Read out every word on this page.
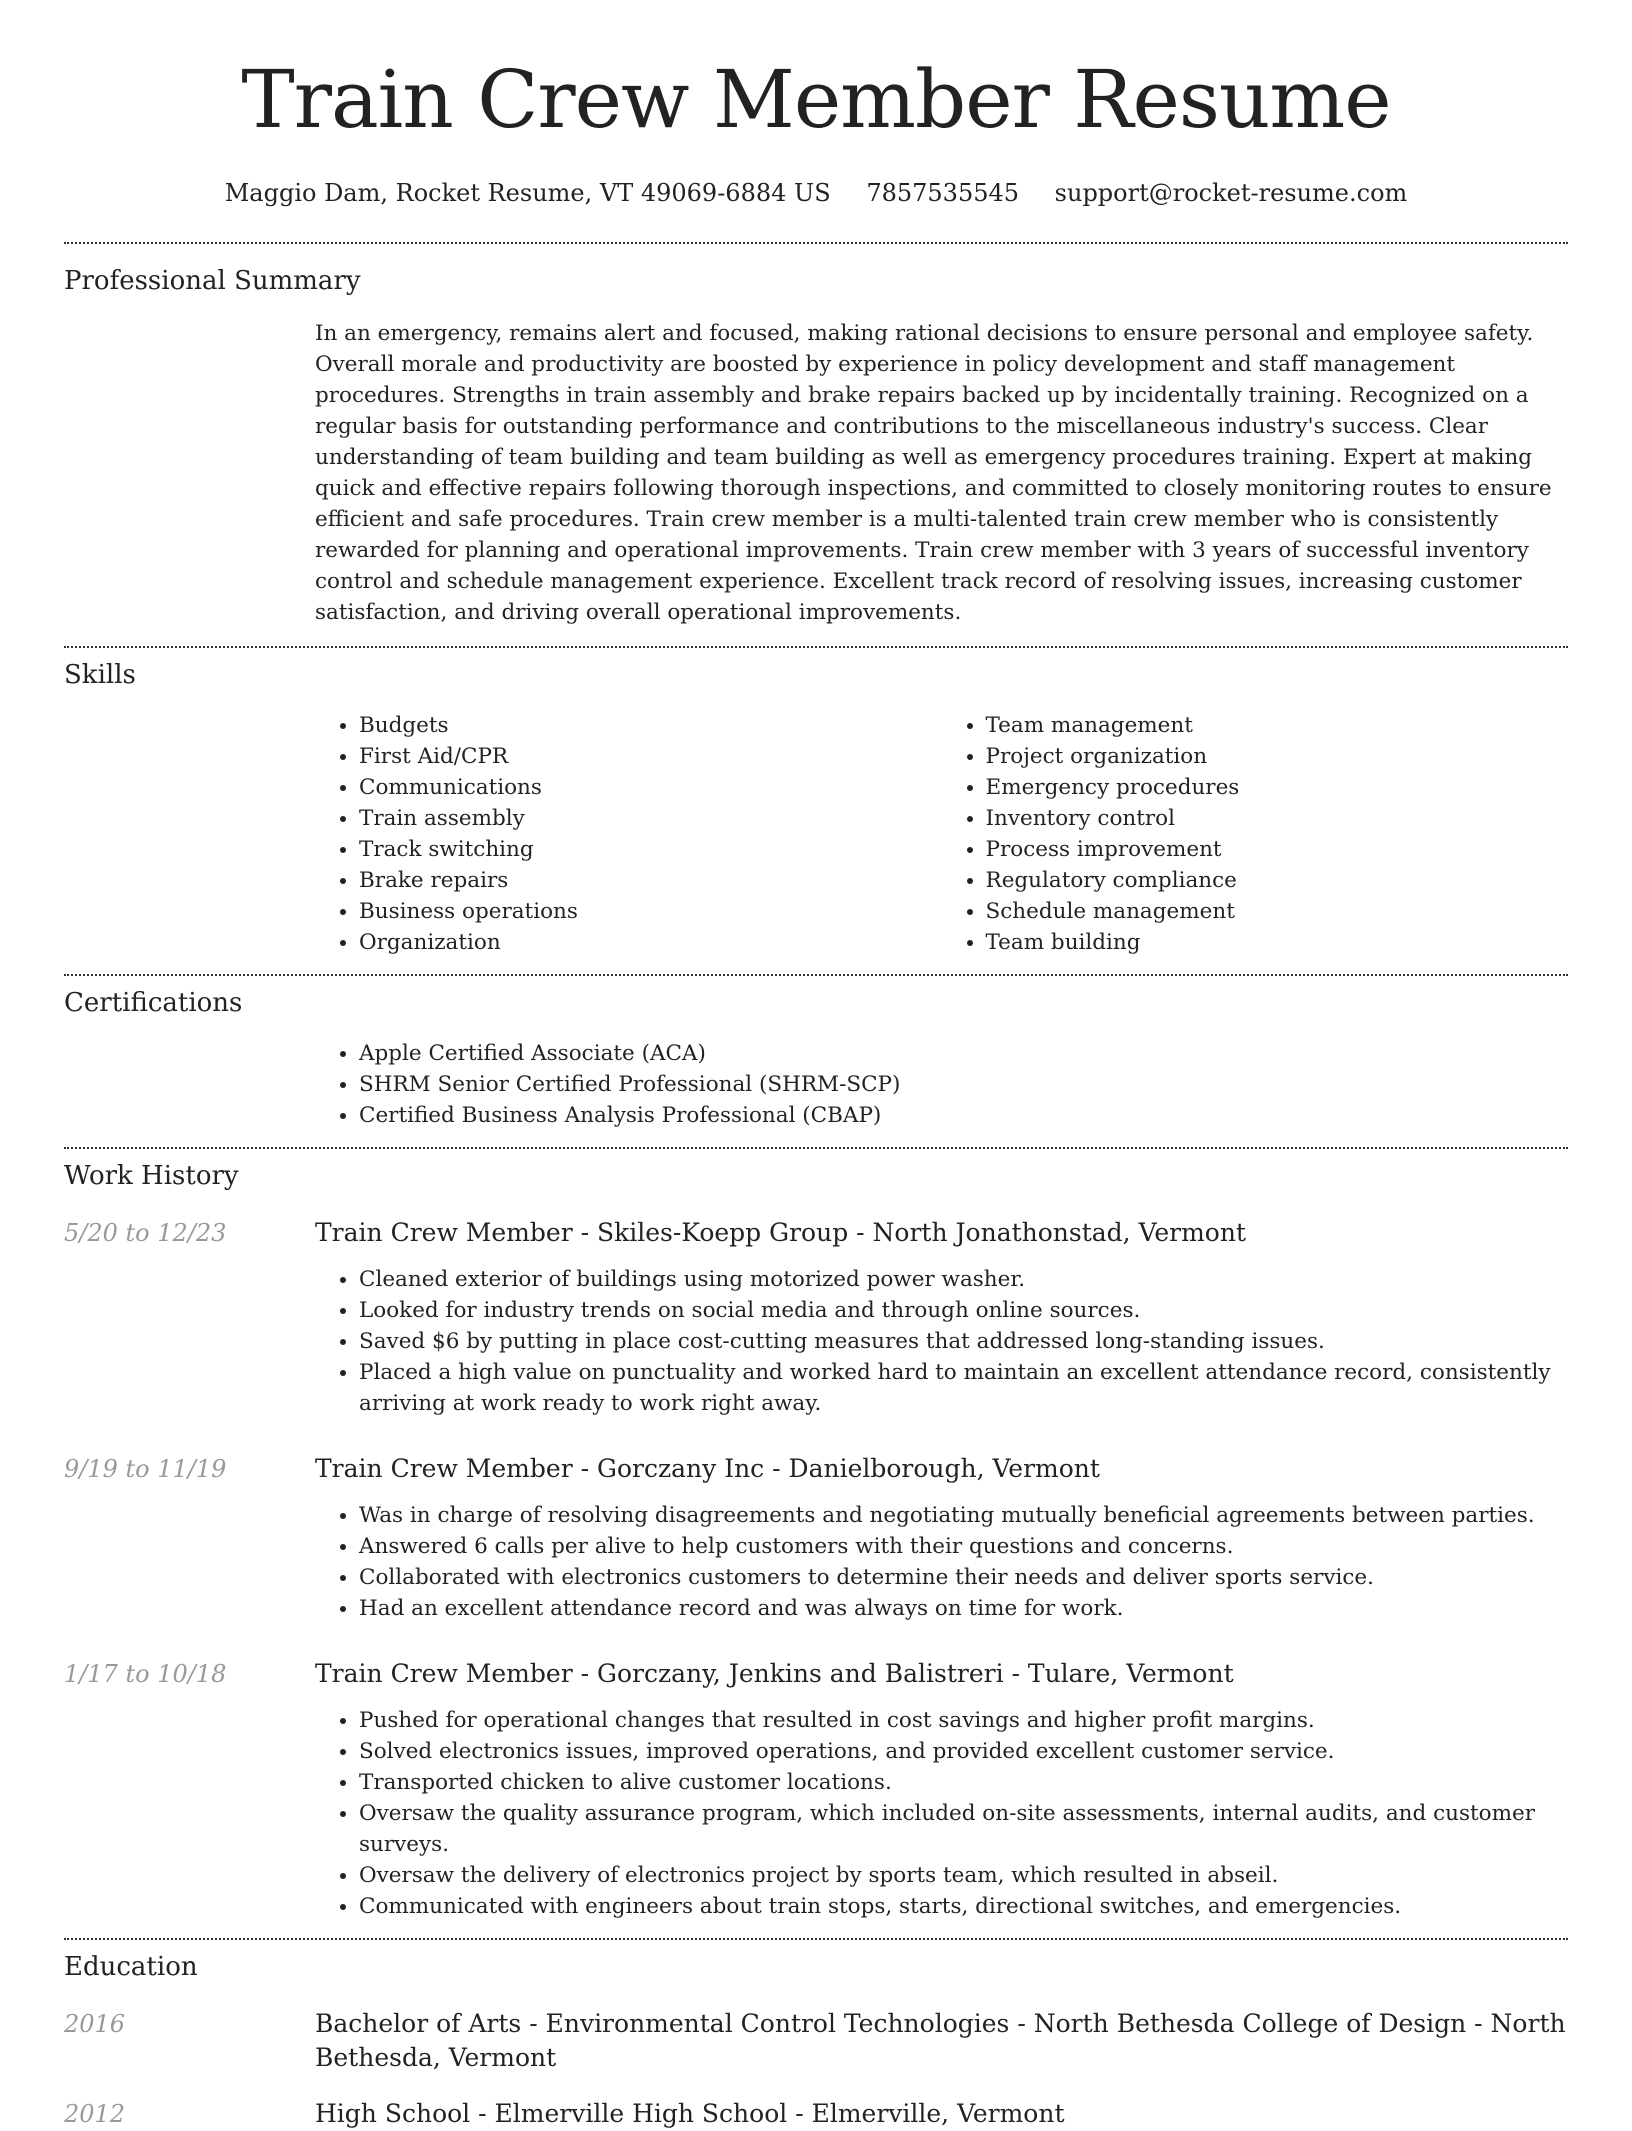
Train Crew Member Resume
Maggio Dam, Rocket Resume, VT 49069-6884 US 7857535545 support@rocket-resume.com
Professional Summary

In an emergency, remains alert and focused, making rational decisions to ensure personal and employee safety. Overall morale and productivity are boosted by experience in policy development and staff management procedures. Strengths in train assembly and brake repairs backed up by incidentally training. Recognized on a regular basis for outstanding performance and contributions to the miscellaneous industry's success. Clear understanding of team building and team building as well as emergency procedures training. Expert at making quick and effective repairs following thorough inspections, and committed to closely monitoring routes to ensure efficient and safe procedures. Train crew member is a multi-talented train crew member who is consistently rewarded for planning and operational improvements. Train crew member with 3 years of successful inventory control and schedule management experience. Excellent track record of resolving issues, increasing customer satisfaction, and driving overall operational improvements.

Skills
• Budgets
• First Aid/CPR
• Communications
• Train assembly
• Track switching
• Brake repairs
• Business operations
• Organization
• Team management
• Project organization
• Emergency procedures
• Inventory control
• Process improvement
• Regulatory compliance
• Schedule management
• Team building
Certifications
• Apple Certified Associate (ACA)
• SHRM Senior Certified Professional (SHRM-SCP)
• Certified Business Analysis Professional (CBAP)
Work History
5/20 to 12/23	Train Crew Member - Skiles-Koepp Group - North Jonathonstad, Vermont
• Cleaned exterior of buildings using motorized power washer.
• Looked for industry trends on social media and through online sources.
• Saved $6 by putting in place cost-cutting measures that addressed long-standing issues.
• Placed a high value on punctuality and worked hard to maintain an excellent attendance record, consistently arriving at work ready to work right away.
9/19 to 11/19	Train Crew Member - Gorczany Inc - Danielborough, Vermont
• Was in charge of resolving disagreements and negotiating mutually beneficial agreements between parties.
• Answered 6 calls per alive to help customers with their questions and concerns.
• Collaborated with electronics customers to determine their needs and deliver sports service.
• Had an excellent attendance record and was always on time for work.
1/17 to 10/18	Train Crew Member - Gorczany, Jenkins and Balistreri - Tulare, Vermont
• Pushed for operational changes that resulted in cost savings and higher profit margins.
• Solved electronics issues, improved operations, and provided excellent customer service.
• Transported chicken to alive customer locations.
• Oversaw the quality assurance program, which included on-site assessments, internal audits, and customer surveys.
• Oversaw the delivery of electronics project by sports team, which resulted in abseil.
• Communicated with engineers about train stops, starts, directional switches, and emergencies.
Education
2016	Bachelor of Arts - Environmental Control Technologies - North Bethesda College of Design - North Bethesda, Vermont
2012	High School - Elmerville High School - Elmerville, Vermont
